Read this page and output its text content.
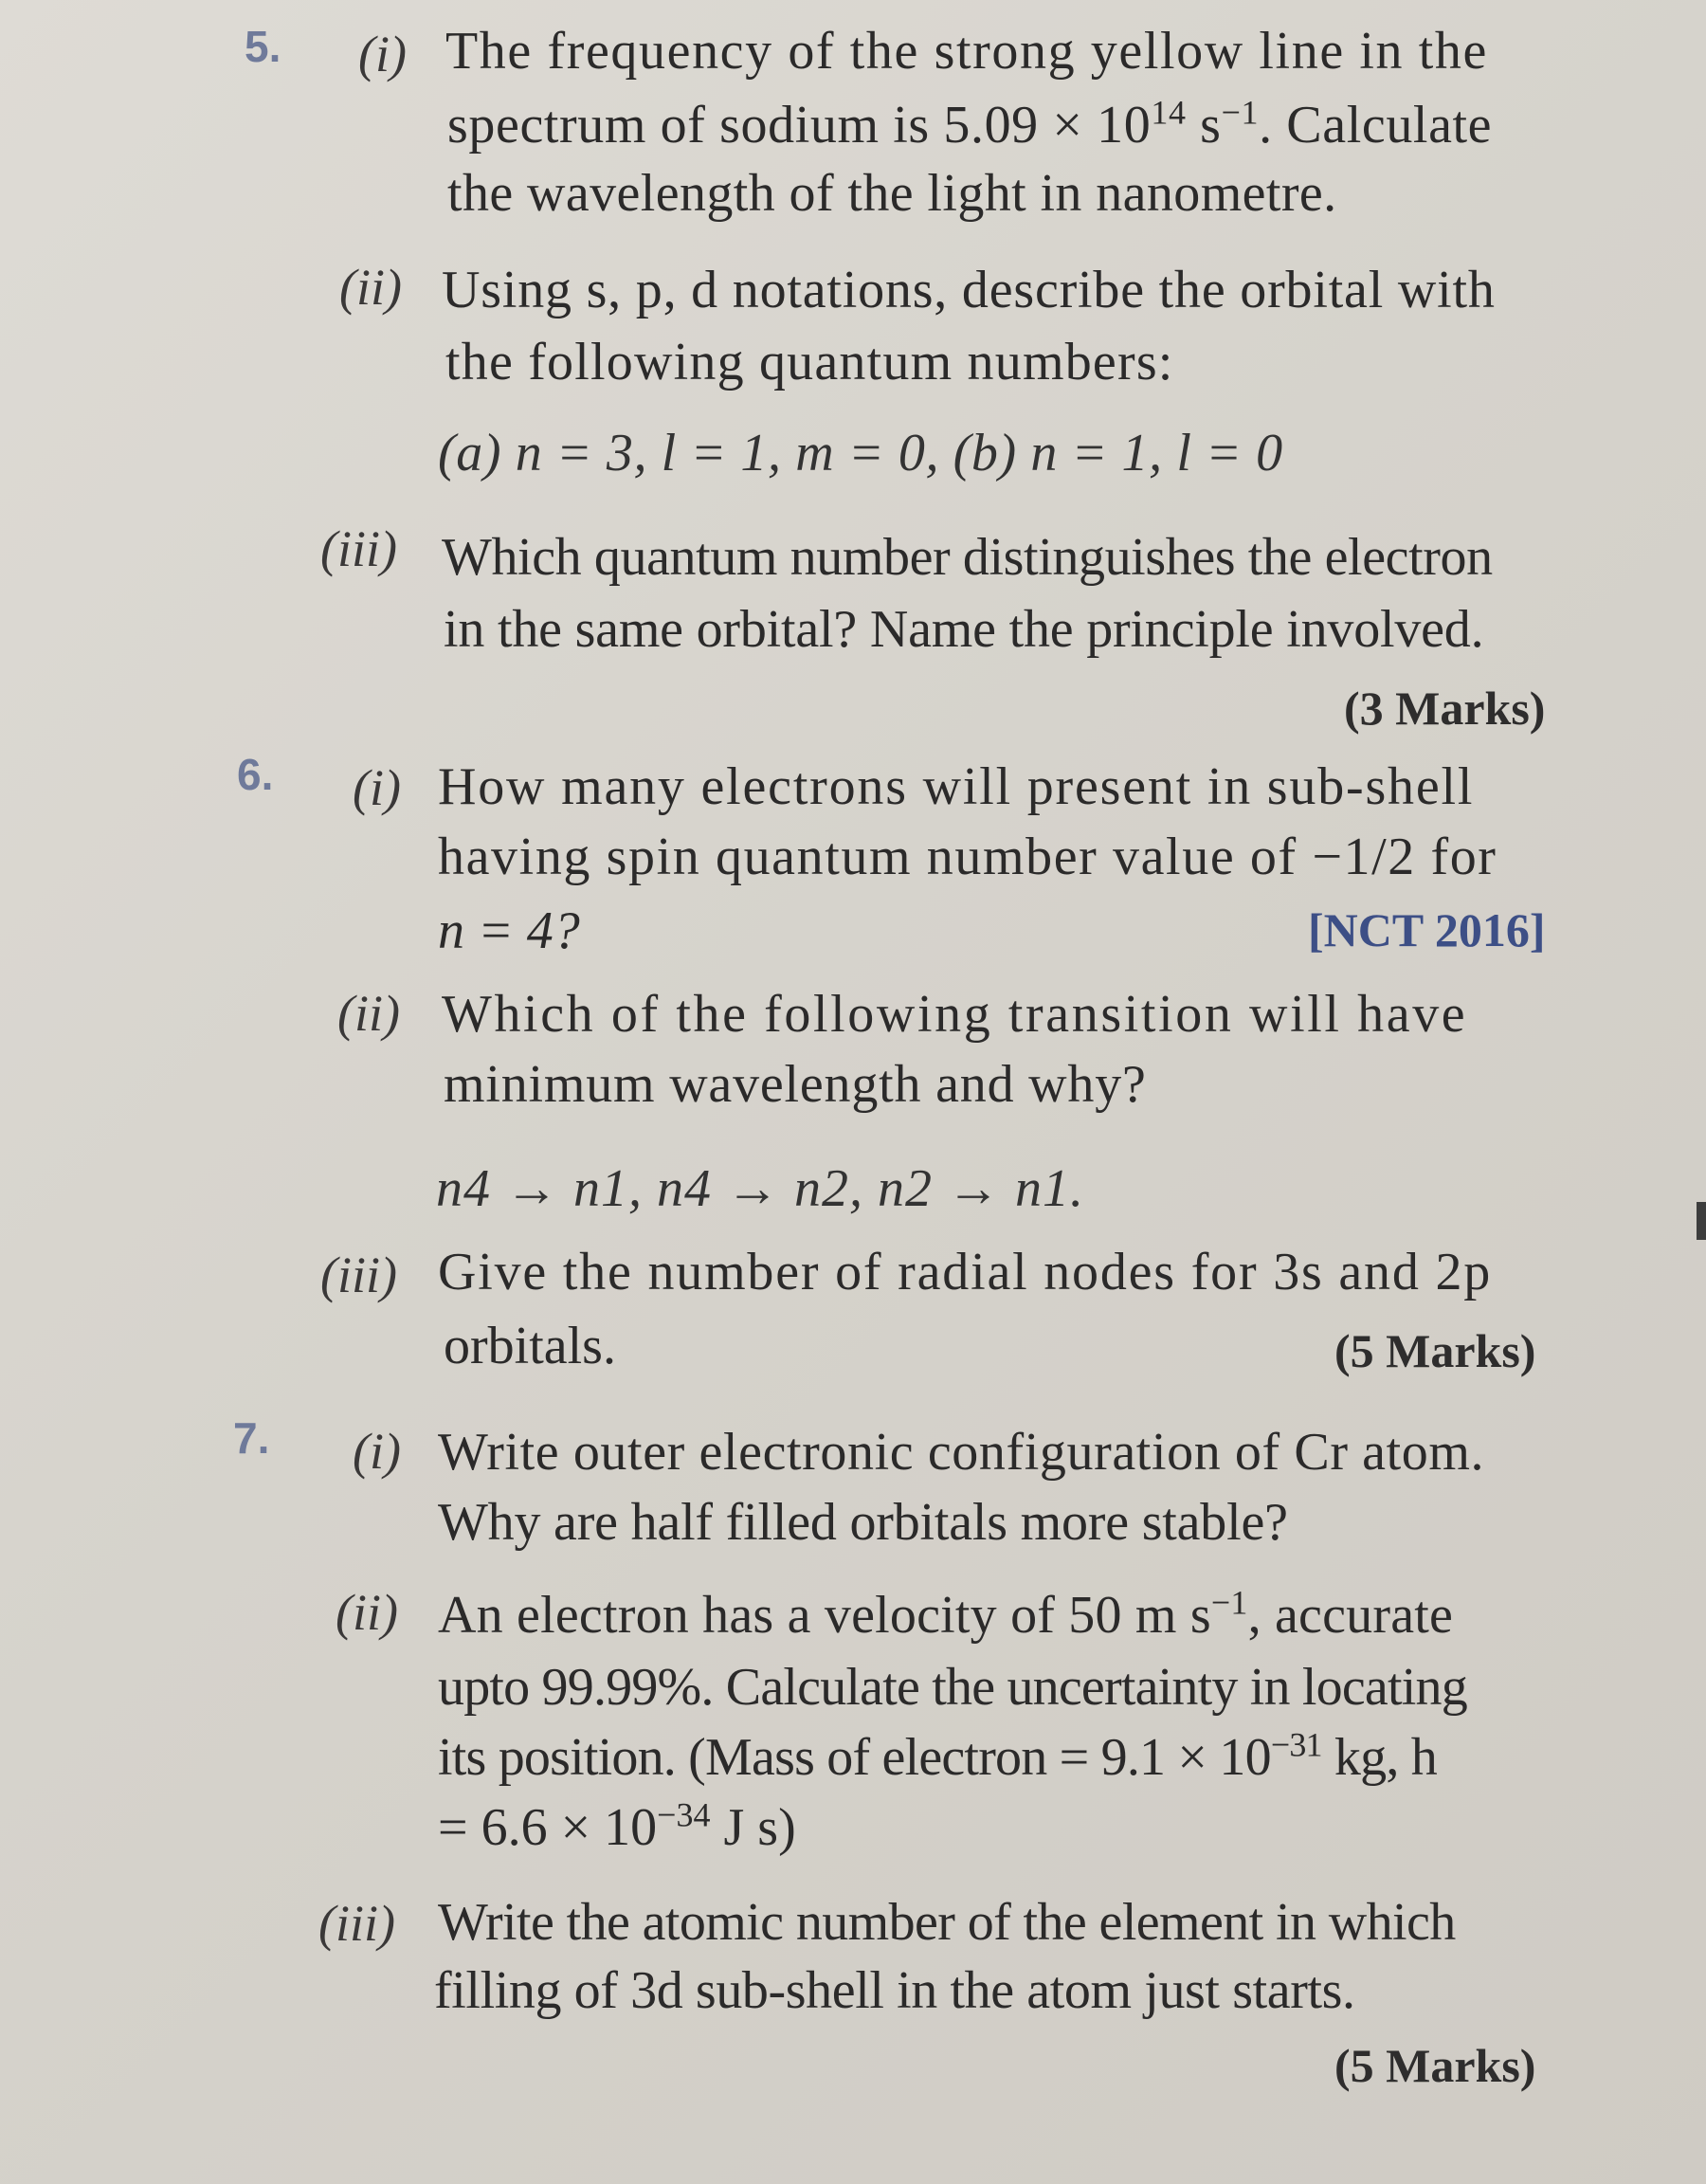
5. (i) The frequency of the strong yellow line in the
spectrum of sodium is $5.09 \times 10^{14}$ $s^{-1}$. Calculate
the wavelength of the light in nanometre.
(ii) Using s, p, d notations, describe the orbital with
the following quantum numbers:
(a) n = 3, l = 1, m = 0, (b) n = 1, l = 0
(iii) Which quantum number distinguishes the electron
in the same orbital? Name the principle involved.
(3 Marks)
6. (i) How many electrons will present in sub-shell
having spin quantum number value of −1/2 for
n = 4?	[NCT 2016]
(ii) Which of the following transition will have
minimum wavelength and why?
n4 → n1, n4 → n2, n2 → n1.
(iii) Give the number of radial nodes for 3s and 2p
orbitals.	(5 Marks)
7. (i) Write outer electronic configuration of Cr atom.
Why are half filled orbitals more stable?
(ii) An electron has a velocity of 50 m $s^{-1}$, accurate
upto 99.99%. Calculate the uncertainty in locating
its position. (Mass of electron = $9.1 \times 10^{-31}$ kg, h
= $6.6 \times 10^{-34}$ J s)
(iii) Write the atomic number of the element in which
filling of 3d sub-shell in the atom just starts.
(5 Marks)
